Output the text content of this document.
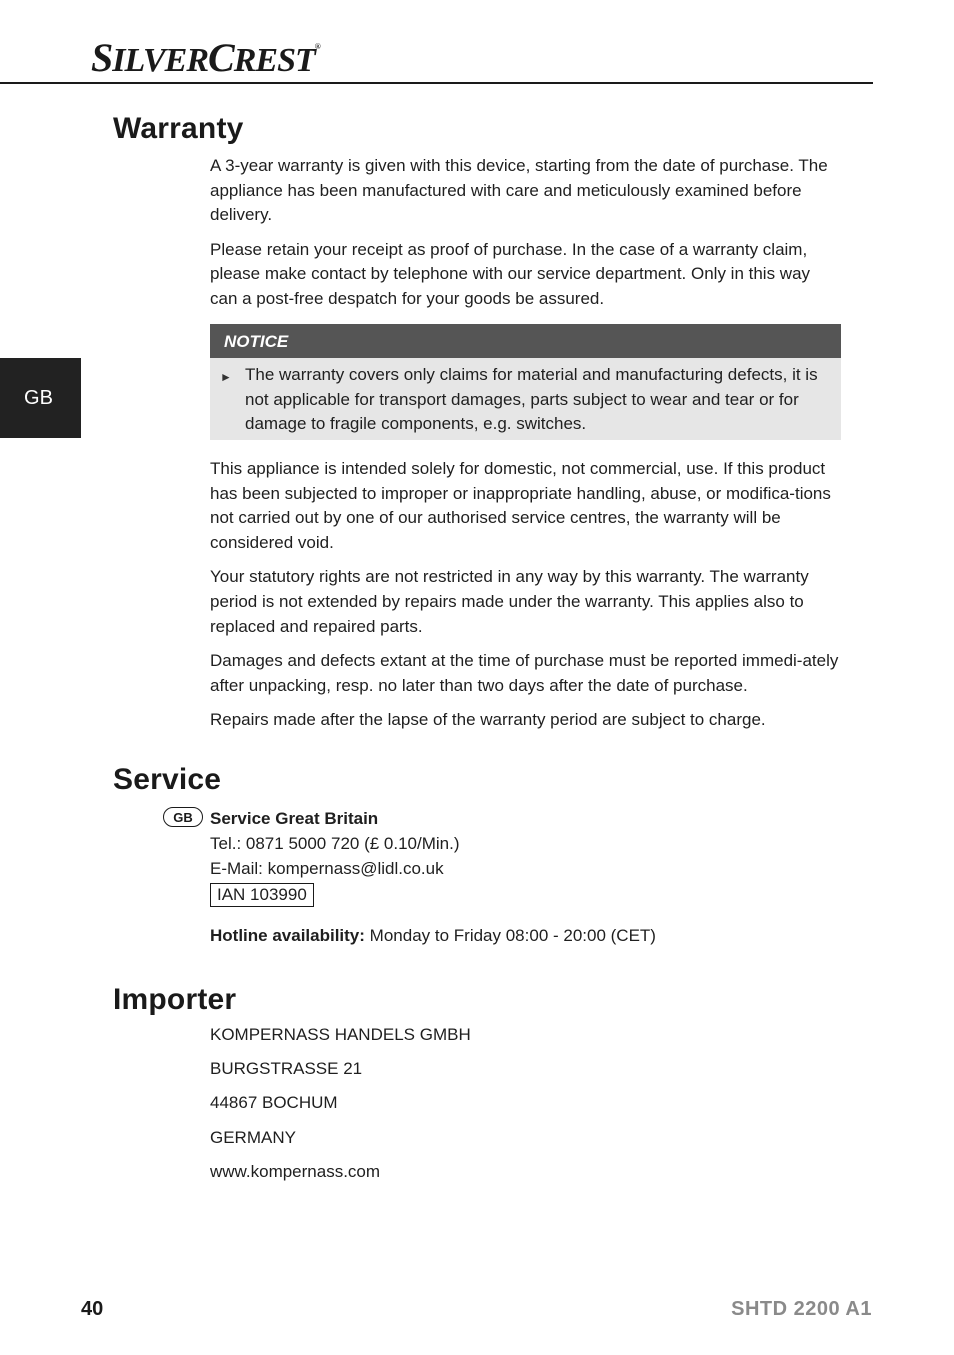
SILVERCREST®
GB
Warranty

A 3-year warranty is given with this device, starting from the date of purchase. The appliance has been manufactured with care and meticulously examined before delivery.

Please retain your receipt as proof of purchase. In the case of a warranty claim, please make contact by telephone with our service department. Only in this way can a post-free despatch for your goods be assured.

NOTICE
► The warranty covers only claims for material and manufacturing defects, it is not applicable for transport damages, parts subject to wear and tear or for damage to fragile components, e.g. switches.

This appliance is intended solely for domestic, not commercial, use. If this product has been subjected to improper or inappropriate handling, abuse, or modifica-tions not carried out by one of our authorised service centres, the warranty will be considered void.

Your statutory rights are not restricted in any way by this warranty. The warranty period is not extended by repairs made under the warranty. This applies also to replaced and repaired parts.

Damages and defects extant at the time of purchase must be reported immedi-ately after unpacking, resp. no later than two days after the date of purchase.

Repairs made after the lapse of the warranty period are subject to charge.

Service
GB	Service Great Britain
Tel.: 0871 5000 720 (£ 0.10/Min.)
E-Mail: kompernass@lidl.co.uk
IAN 103990
Hotline availability: Monday to Friday 08:00 - 20:00 (CET)
Importer
KOMPERNASS HANDELS GMBH
BURGSTRASSE 21
44867 BOCHUM
GERMANY
www.kompernass.com
40	SHTD 2200 A1
